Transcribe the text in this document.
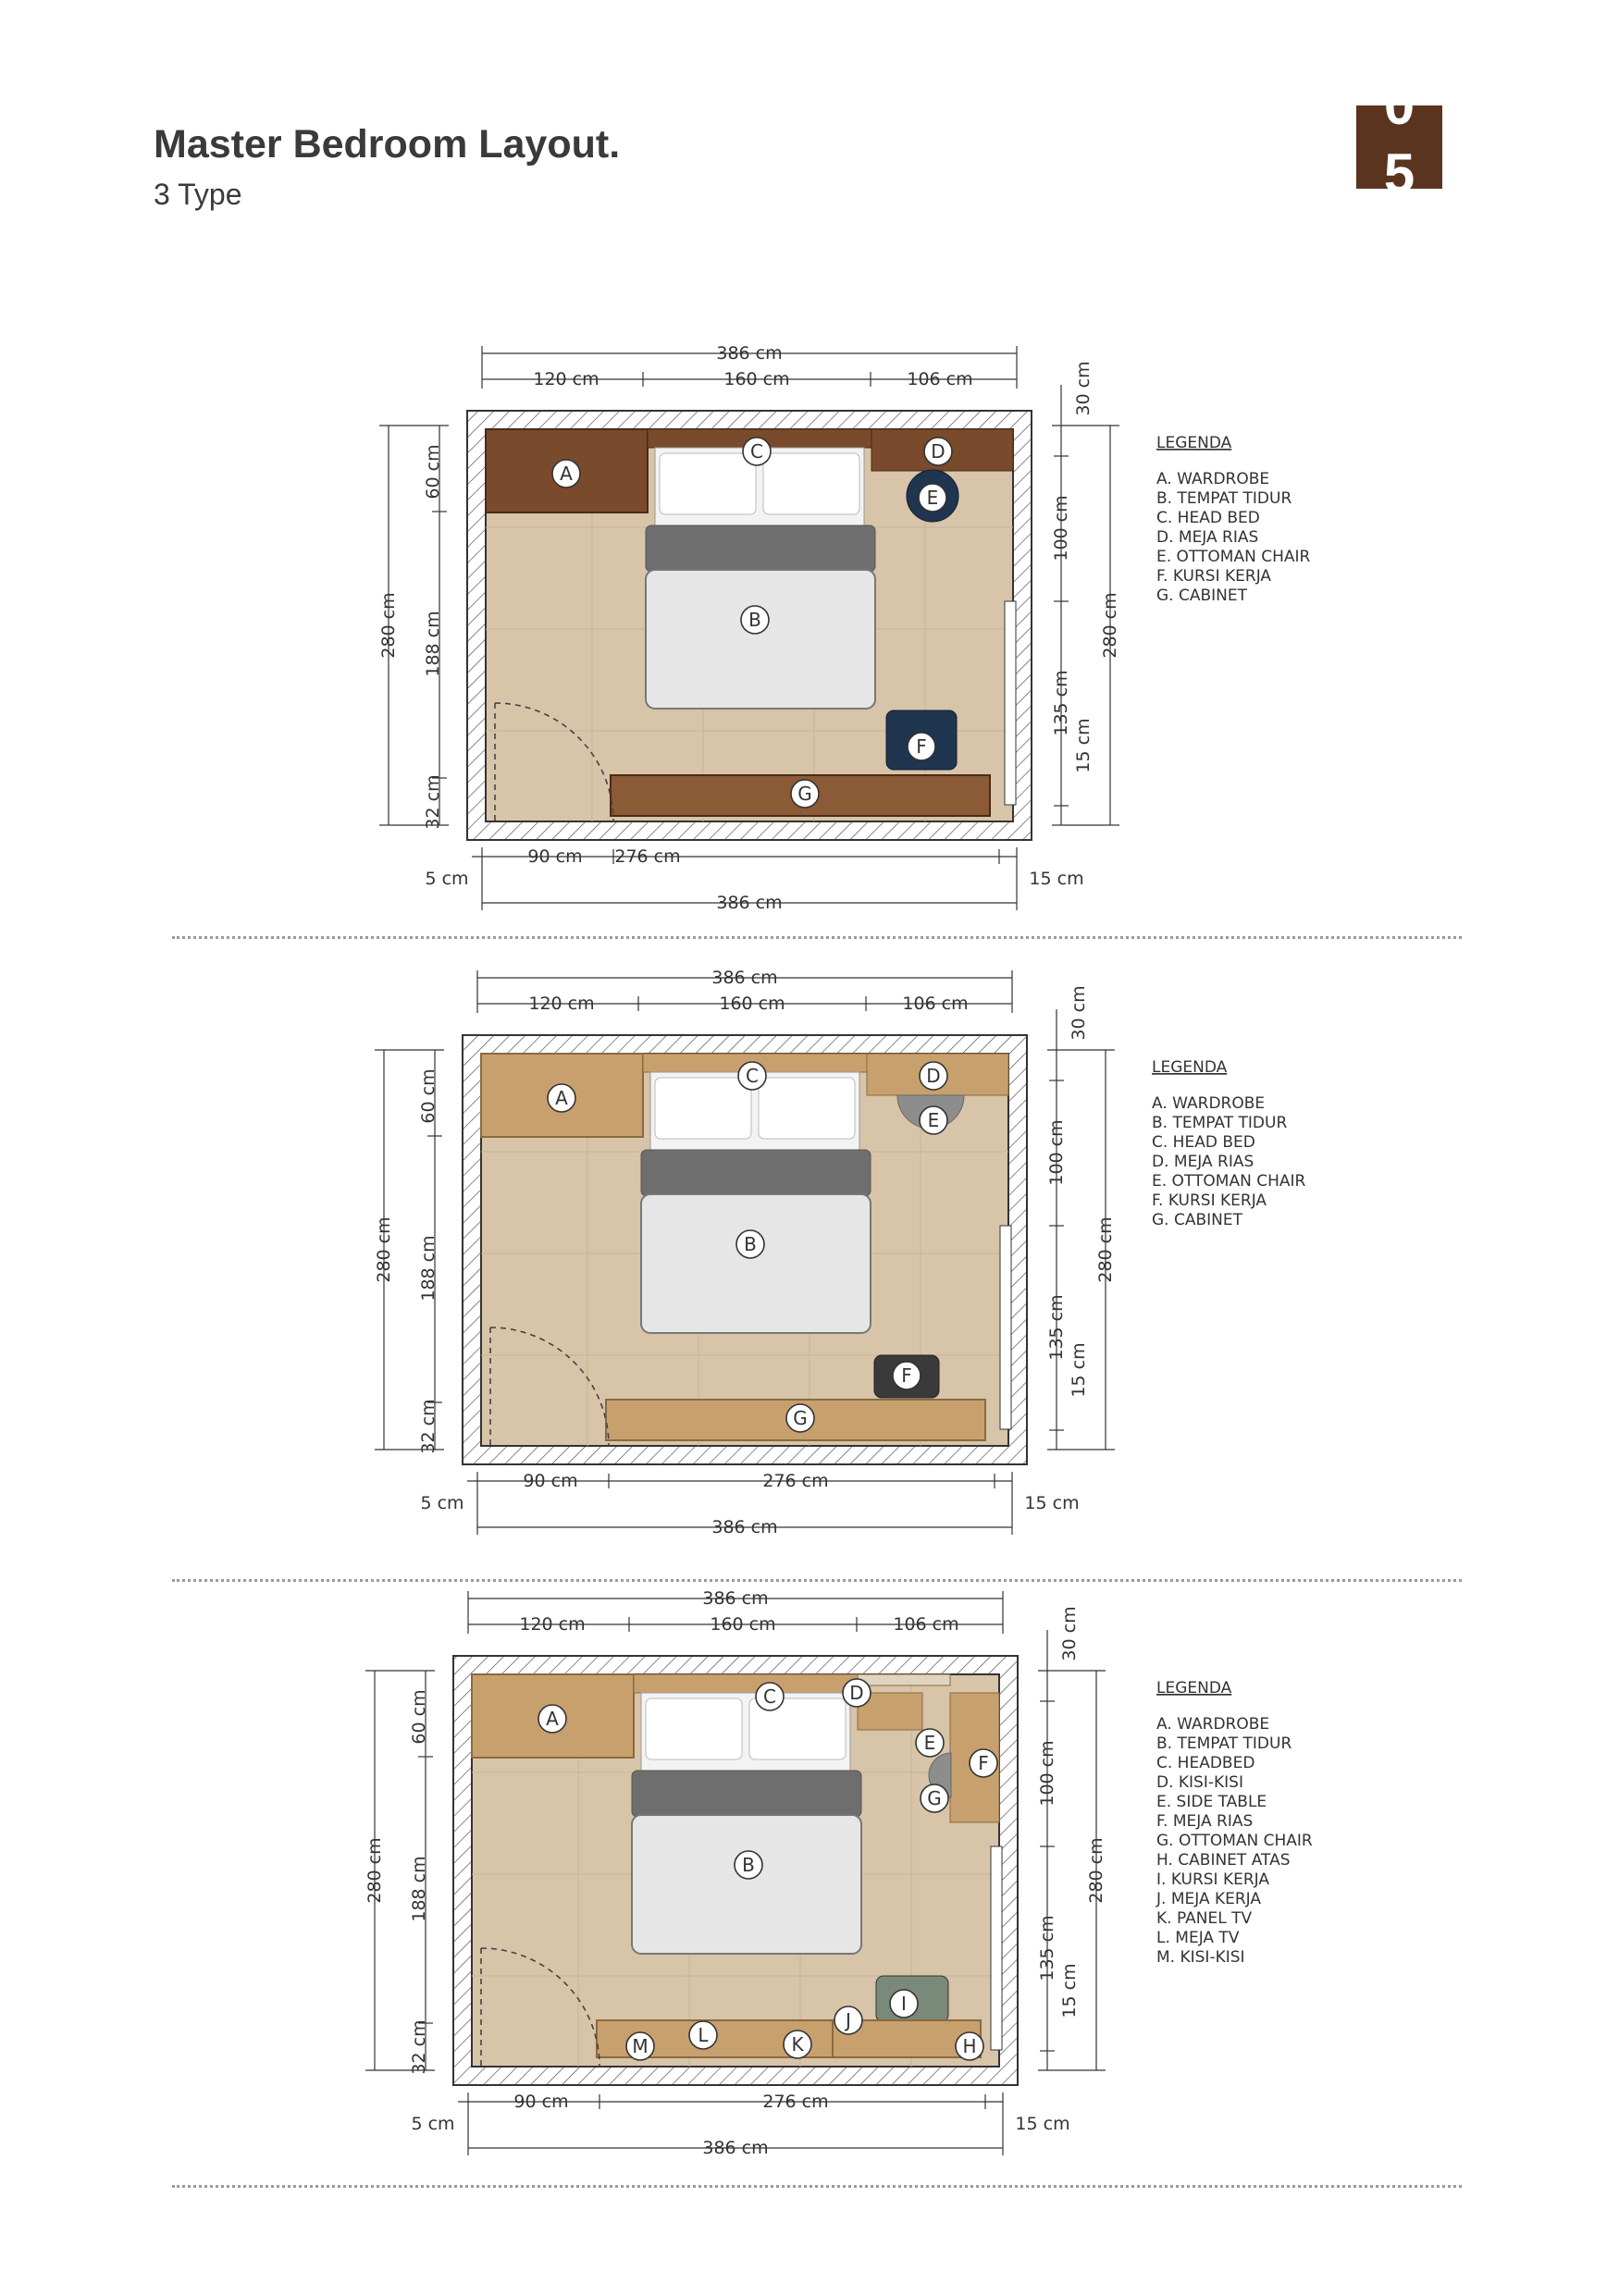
Master Bedroom Layout.

3 Type

0
5
386 cm
120 cm	160 cm	106 cm
276 cm
90 cm
386 cm
5 cm	15 cm
280 cm
60 cm
188 cm
32 cm
30 cm
100 cm
135 cm
15 cm
280 cm
A
C	D
E
B
F
G
LEGENDA
A. WARDROBE
B. TEMPAT TIDUR
C. HEAD BED
D. MEJA RIAS
E. OTTOMAN CHAIR
F. KURSI KERJA
G. CABINET
386 cm
120 cm	160 cm	106 cm
276 cm
90 cm
386 cm
5 cm	15 cm
280 cm
60 cm
188 cm
32 cm
30 cm
100 cm
135 cm
15 cm
280 cm
A
C	D
E
B
F
G
LEGENDA
A. WARDROBE
B. TEMPAT TIDUR
C. HEAD BED
D. MEJA RIAS
E. OTTOMAN CHAIR
F. KURSI KERJA
G. CABINET
386 cm
120 cm	160 cm	106 cm
276 cm
90 cm
386 cm
5 cm	15 cm
280 cm
60 cm
188 cm
32 cm
30 cm
100 cm
135 cm
15 cm
280 cm
A
C	D
E
F
G
B
I
J
H
M	L	K
LEGENDA
A. WARDROBE
B. TEMPAT TIDUR
C. HEADBED
D. KISI-KISI
E. SIDE TABLE
F. MEJA RIAS
G. OTTOMAN CHAIR
H. CABINET ATAS
I. KURSI KERJA
J. MEJA KERJA
K. PANEL TV
L. MEJA TV
M. KISI-KISI
